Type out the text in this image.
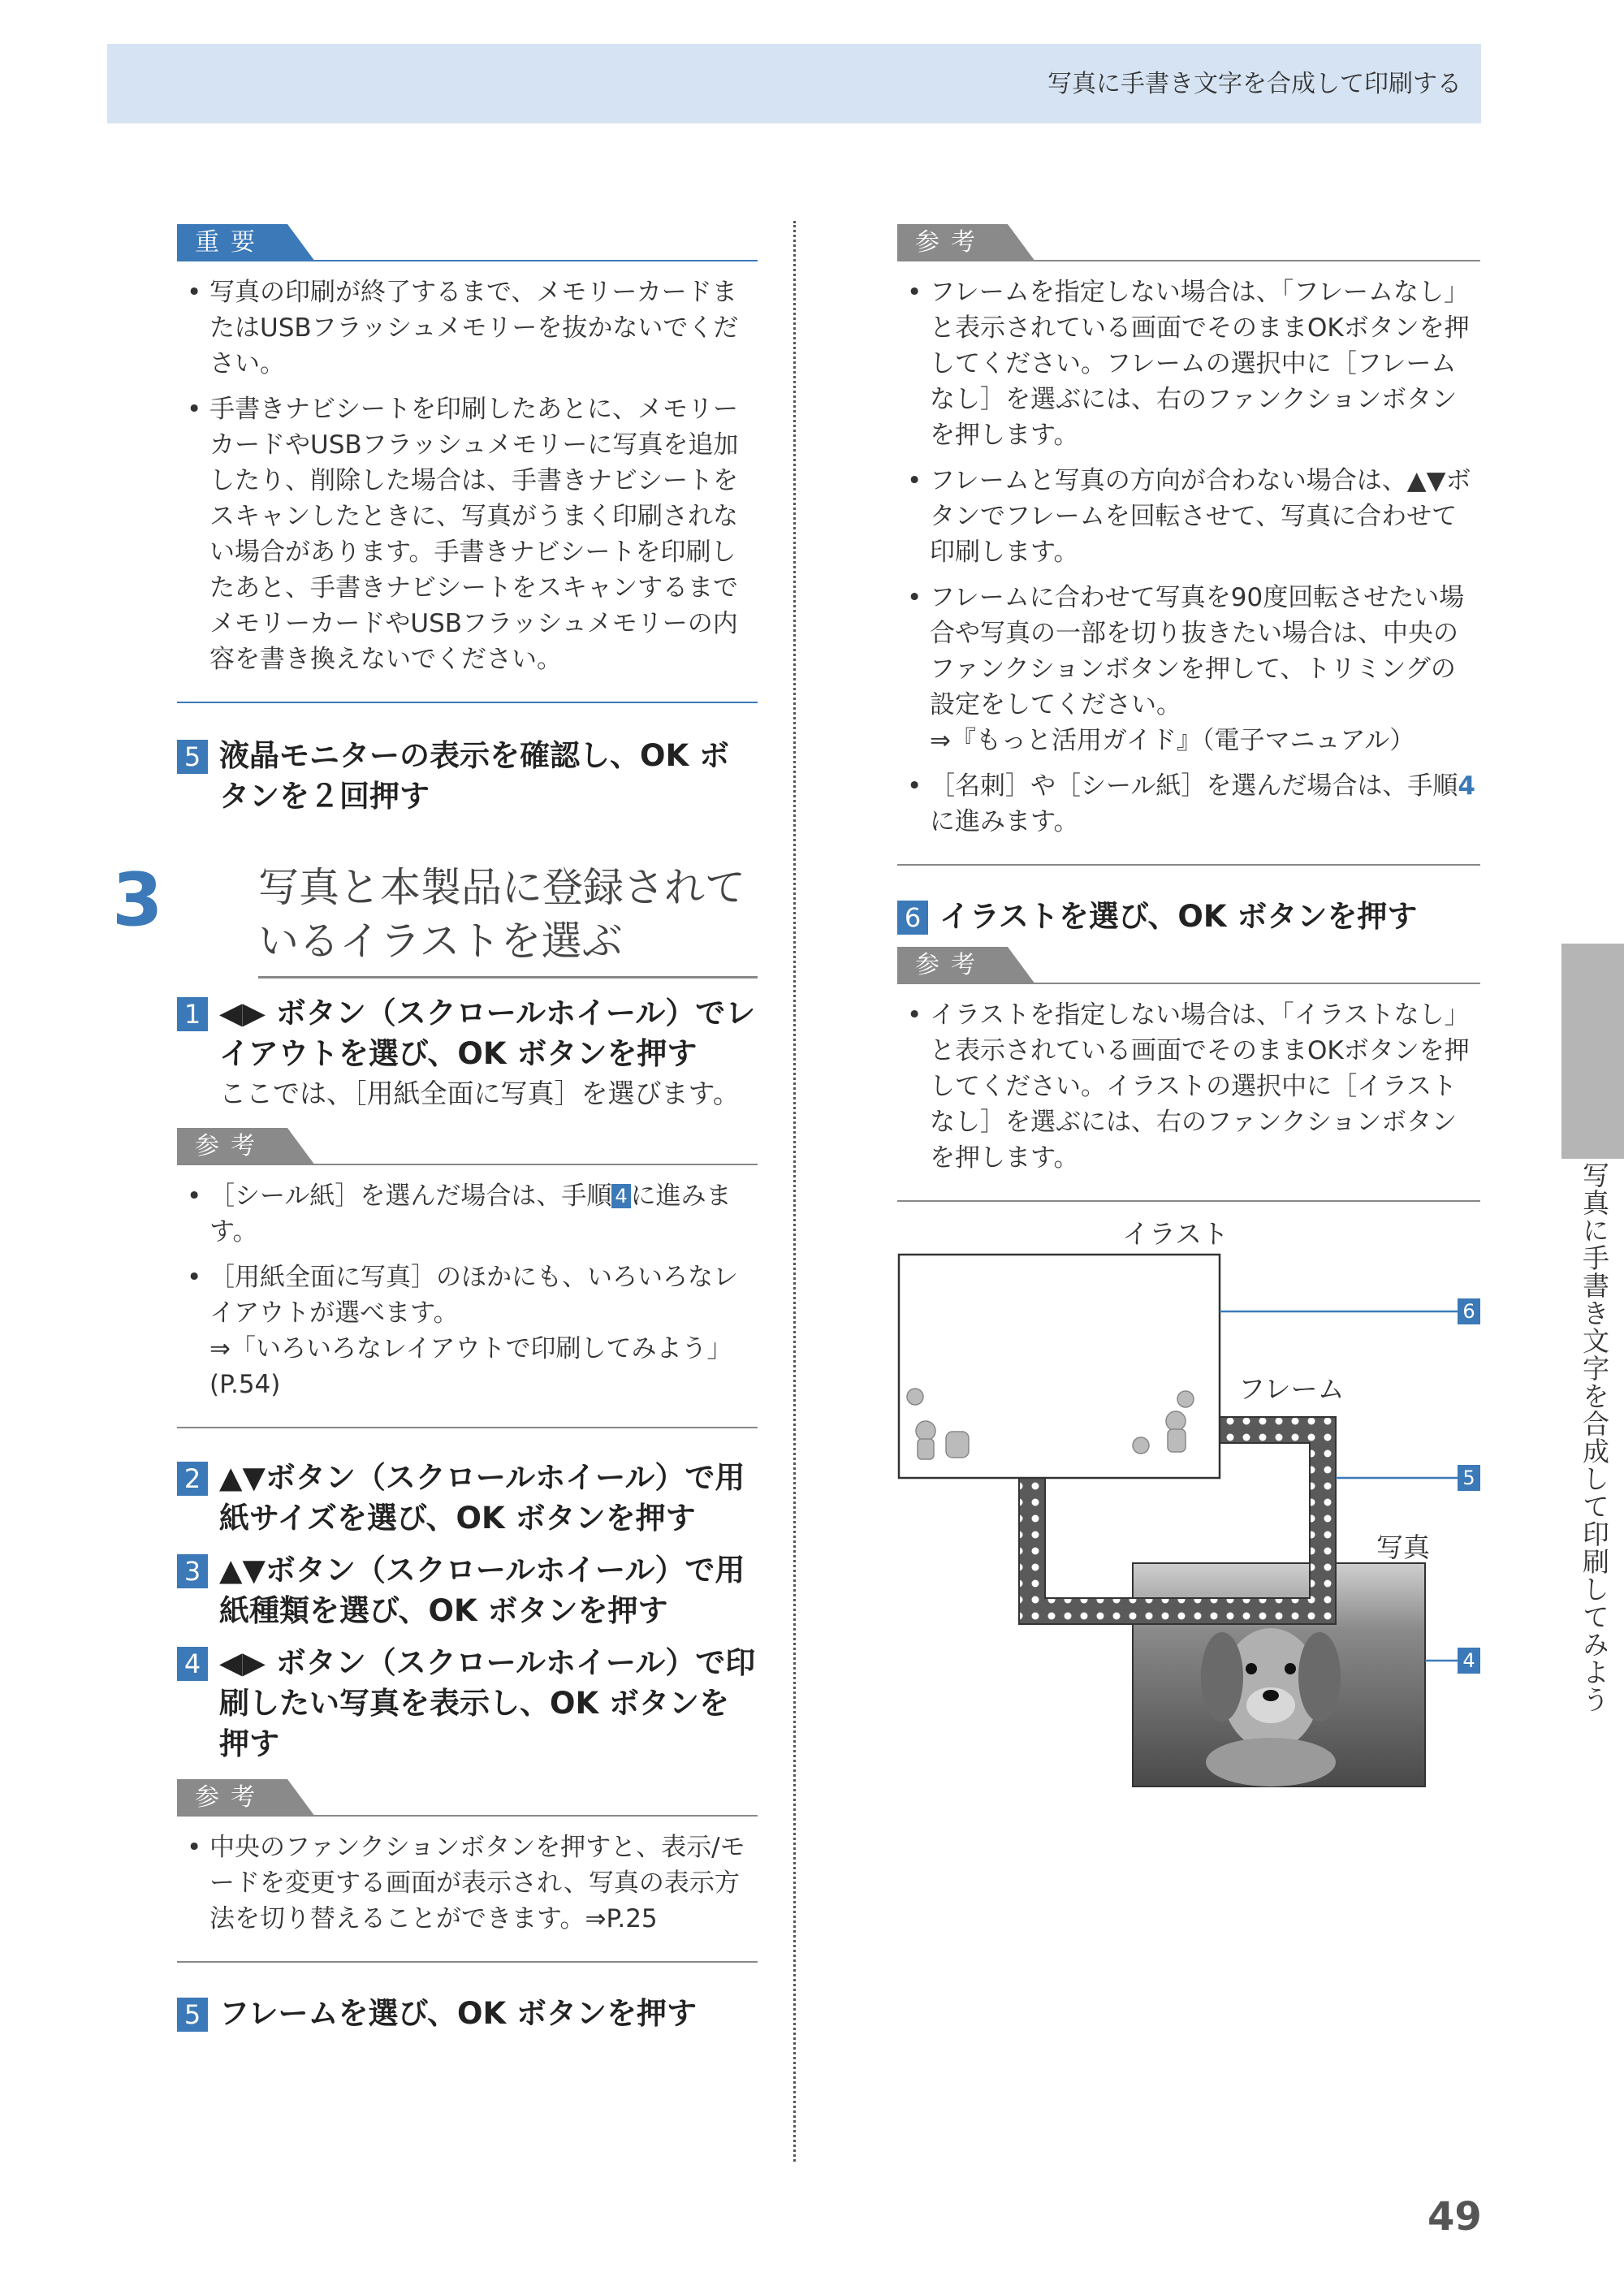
写真に手書き文字を合成して印刷する
重要
• 写真の印刷が終了するまで、メモリーカードまたはUSBフラッシュメモリーを抜かないでください。
• 手書きナビシートを印刷したあとに、メモリーカードやUSBフラッシュメモリーに写真を追加したり、削除した場合は、手書きナビシートをスキャンしたときに、写真がうまく印刷されない場合があります。手書きナビシートを印刷したあと、手書きナビシートをスキャンするまでメモリーカードやUSBフラッシュメモリーの内容を書き換えないでください。
5 液晶モニターの表示を確認し、OK ボタンを２回押す
3 写真と本製品に登録されているイラストを選ぶ
1 ◀▶ ボタン（スクロールホイール）でレイアウトを選び、OK ボタンを押す
ここでは、［用紙全面に写真］を選びます。
参考
• ［シール紙］を選んだ場合は、手順 4 に進みます。
• ［用紙全面に写真］のほかにも、いろいろなレイアウトが選べます。
⇒「いろいろなレイアウトで印刷してみよう」(P.54)
2 ▲▼ボタン（スクロールホイール）で用紙サイズを選び、OK ボタンを押す
3 ▲▼ボタン（スクロールホイール）で用紙種類を選び、OK ボタンを押す
4 ◀▶ ボタン（スクロールホイール）で印刷したい写真を表示し、OK ボタンを押す
参考
• 中央のファンクションボタンを押すと、表示/モードを変更する画面が表示され、写真の表示方法を切り替えることができます。⇒P.25
5 フレームを選び、OK ボタンを押す
参考
• フレームを指定しない場合は、「フレームなし」と表示されている画面でそのままOKボタンを押してください。フレームの選択中に［フレームなし］を選ぶには、右のファンクションボタンを押します。
• フレームと写真の方向が合わない場合は、▲▼ボタンでフレームを回転させて、写真に合わせて印刷します。
• フレームに合わせて写真を90度回転させたい場合や写真の一部を切り抜きたい場合は、中央のファンクションボタンを押して、トリミングの設定をしてください。
⇒『もっと活用ガイド』（電子マニュアル）
• ［名刺］や［シール紙］を選んだ場合は、手順4に進みます。
6 イラストを選び、OK ボタンを押す
参考
• イラストを指定しない場合は、「イラストなし」と表示されている画面でそのままOKボタンを押してください。イラストの選択中に［イラストなし］を選ぶには、右のファンクションボタンを押します。
イラスト
フレーム
写真
6
5
4	写真に手書き文字を合成して印刷してみよう
49
